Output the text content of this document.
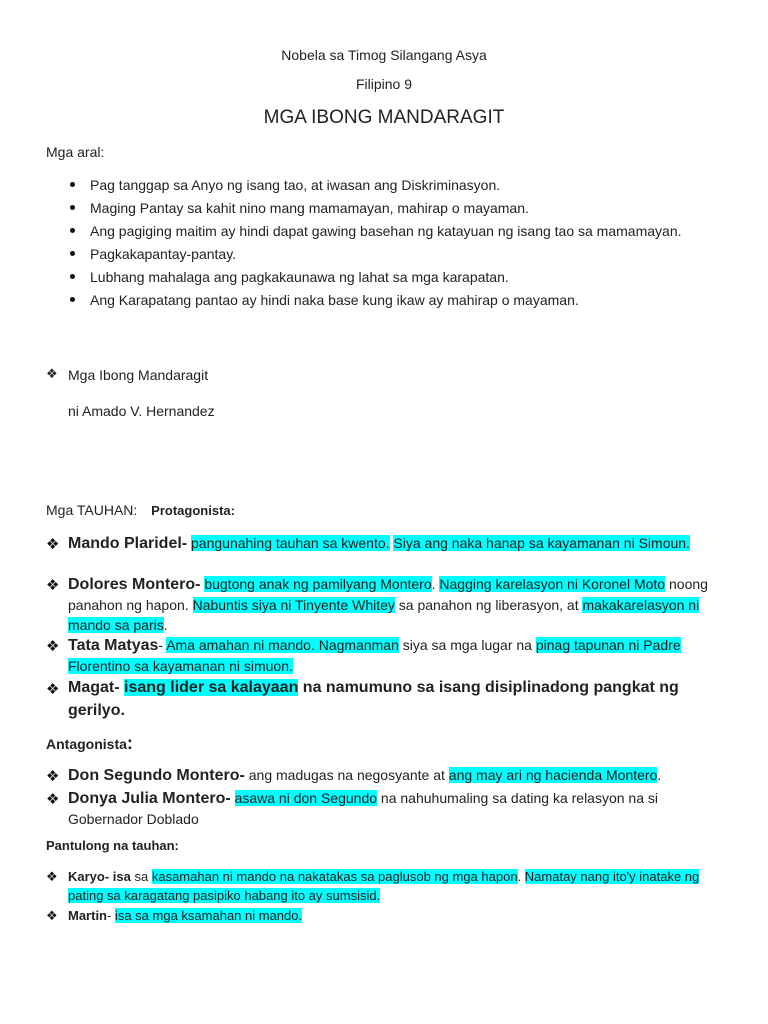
Nobela sa Timog Silangang Asya
Filipino 9
MGA IBONG MANDARAGIT
Mga aral:
Pag tanggap sa Anyo ng isang tao, at iwasan ang Diskriminasyon.
Maging Pantay sa kahit nino mang mamamayan, mahirap o mayaman.
Ang pagiging maitim ay hindi dapat gawing basehan ng katayuan ng isang tao sa mamamayan.
Pagkakapantay-pantay.
Lubhang mahalaga ang pagkakaunawa ng lahat sa mga karapatan.
Ang Karapatang pantao ay hindi naka base kung ikaw ay mahirap o mayaman.
❖ Mga Ibong Mandaragit
ni Amado V. Hernandez
Mga TAUHAN: Protagonista:
❖ Mando Plaridel- pangunahing tauhan sa kwento. Siya ang naka hanap sa kayamanan ni Simoun.
❖ Dolores Montero- bugtong anak ng pamilyang Montero. Nagging karelasyon ni Koronel Moto noong panahon ng hapon. Nabuntis siya ni Tinyente Whitey sa panahon ng liberasyon, at makakarelasyon ni mando sa paris.
❖ Tata Matyas- Ama amahan ni mando. Nagmanman siya sa mga lugar na pinag tapunan ni Padre Florentino sa kayamanan ni simuon.
❖ Magat- isang lider sa kalayaan na namumuno sa isang disiplinadong pangkat ng gerilyo.
Antagonista:
❖ Don Segundo Montero- ang madugas na negosyante at ang may ari ng hacienda Montero.
❖ Donya Julia Montero- asawa ni don Segundo na nahuhumaling sa dating ka relasyon na si Gobernador Doblado
Pantulong na tauhan:
❖ Karyo- isa sa kasamahan ni mando na nakatakas sa paglusob ng mga hapon. Namatay nang ito'y inatake ng pating sa karagatang pasipiko habang ito ay sumsisid.
❖ Martin- isa sa mga ksamahan ni mando.
